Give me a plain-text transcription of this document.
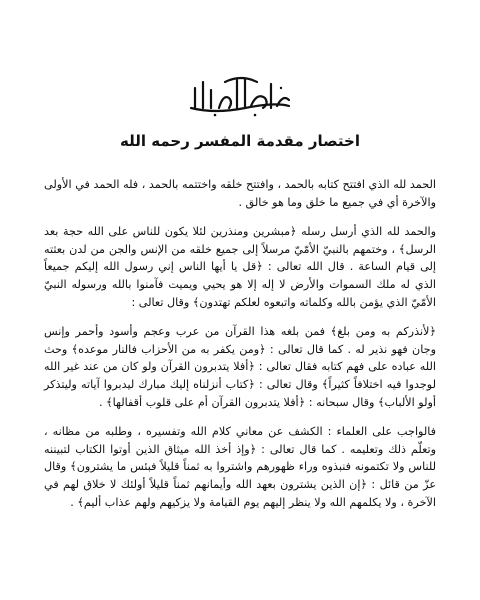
اختصار مقدمة المفسر رحمه الله

الحمد لله الذي افتتح كتابه بالحمد ، وافتتح خلقه واختتمه بالحمد ، فله الحمد في الأولى والآخرة أي في جميع ما خلق وما هو خالق .

والحمد لله الذي أرسل رسله ﴿مبشرين ومنذرين لئلا يكون للناس على الله حجة بعد الرسل﴾ ، وختمهم بالنبيّ الأمّيّ مرسلاً إلى جميع خلقه من الإنس والجن من لدن بعثته إلى قيام الساعة . قال الله تعالى : ﴿قل يا أيها الناس إني رسول الله إليكم جميعاً الذي له ملك السموات والأرض لا إله إلا هو يحيي ويميت فآمنوا بالله ورسوله النبيّ الأمّيّ الذي يؤمن بالله وكلماته واتبعوه لعلكم تهتدون﴾ وقال تعالى :

﴿لأنذركم به ومن بلغ﴾ فمن بلغه هذا القرآن من عرب وعجم وأسود وأحمر وإنس وجان فهو نذير له . كما قال تعالى : ﴿ومن يكفر به من الأحزاب فالنار موعده﴾ وحث الله عباده على فهم كتابه فقال تعالى : ﴿أفلا يتدبرون القرآن ولو كان من عند غير الله لوجدوا فيه اختلافاً كثيراً﴾ وقال تعالى : ﴿كتاب أنزلناه إليك مبارك ليدبروا آياته وليتذكر أولو الألباب﴾ وقال سبحانه : ﴿أفلا يتدبرون القرآن أم على قلوب أقفالها﴾ .

فالواجب على العلماء : الكشف عن معاني كلام الله وتفسيره ، وطلبه من مظانه ، وتعلّم ذلك وتعليمه . كما قال تعالى : ﴿وإذ أخذ الله ميثاق الذين أوتوا الكتاب لتبيننه للناس ولا تكتمونه فنبذوه وراء ظهورهم واشتروا به ثمناً قليلاً فبئس ما يشترون﴾ وقال عزّ من قائل : ﴿إن الذين يشترون بعهد الله وأيمانهم ثمناً قليلاً أولئك لا خلاق لهم في الآخرة ، ولا يكلمهم الله ولا ينظر إليهم يوم القيامة ولا يزكيهم ولهم عذاب أليم﴾ .
